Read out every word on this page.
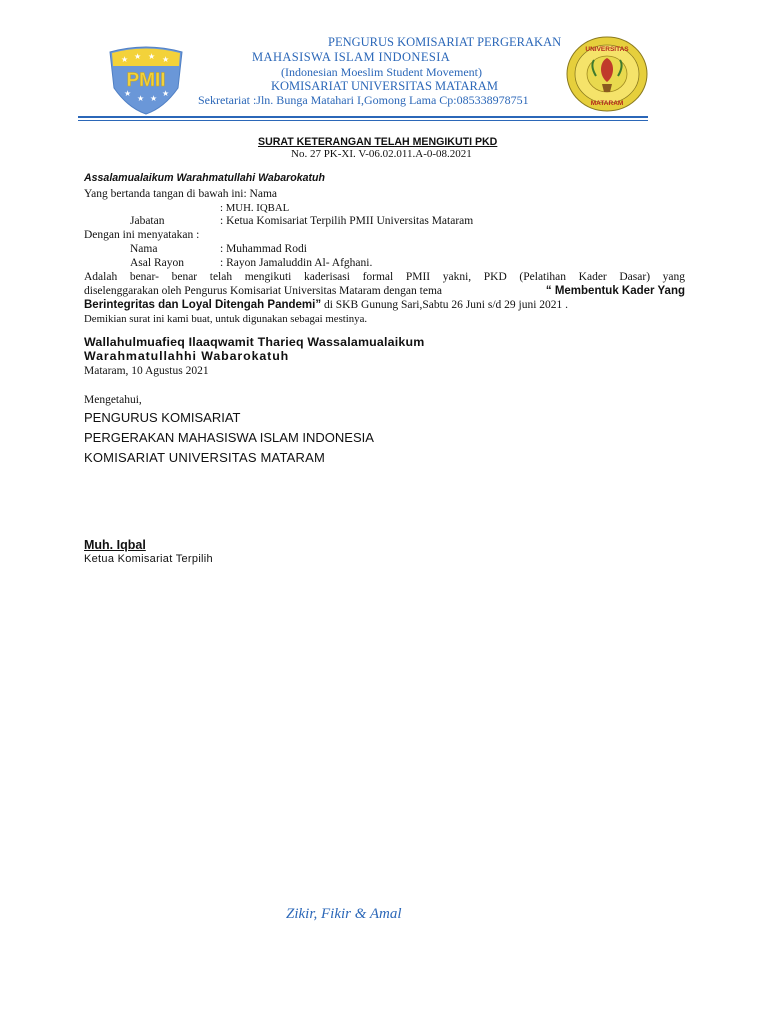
★ ★ ★ ★
★
★ ★
★
PMII
UNIVERSITAS
MATARAM
PENGURUS KOMISARIAT PERGERAKAN
MAHASISWA ISLAM INDONESIA
(Indonesian Moeslim Student Movement)
KOMISARIAT UNIVERSITAS MATARAM
Sekretariat :Jln. Bunga Matahari I,Gomong Lama Cp:085338978751
SURAT KETERANGAN TELAH MENGIKUTI PKD
No. 27 PK-XI. V-06.02.011.A-0-08.2021
Assalamualaikum Warahmatullahi Wabarokatuh
Yang bertanda tangan di bawah ini: Nama
: MUH. IQBAL
Jabatan	: Ketua Komisariat Terpilih PMII Universitas Mataram
Dengan ini menyatakan :
Nama	: Muhammad Rodi
Asal Rayon	: Rayon Jamaluddin Al- Afghani.
Adalah benar- benar telah mengikuti kaderisasi formal PMII yakni, PKD (Pelatihan Kader Dasar) yang
diselenggarakan oleh Pengurus Komisariat Universitas Mataram dengan tema	“ Membentuk Kader Yang
Berintegritas dan Loyal Ditengah Pandemi” di SKB Gunung Sari,Sabtu 26 Juni s/d 29 juni 2021 .
Demikian surat ini kami buat, untuk digunakan sebagai mestinya.
Wallahulmuafieq Ilaaqwamit Tharieq Wassalamualaikum
Warahmatullahhi Wabarokatuh
Mataram, 10 Agustus 2021
Mengetahui,
PENGURUS KOMISARIAT
PERGERAKAN MAHASISWA ISLAM INDONESIA
KOMISARIAT UNIVERSITAS MATARAM
Muh. Iqbal
Ketua Komisariat Terpilih
Zikir, Fikir & Amal
